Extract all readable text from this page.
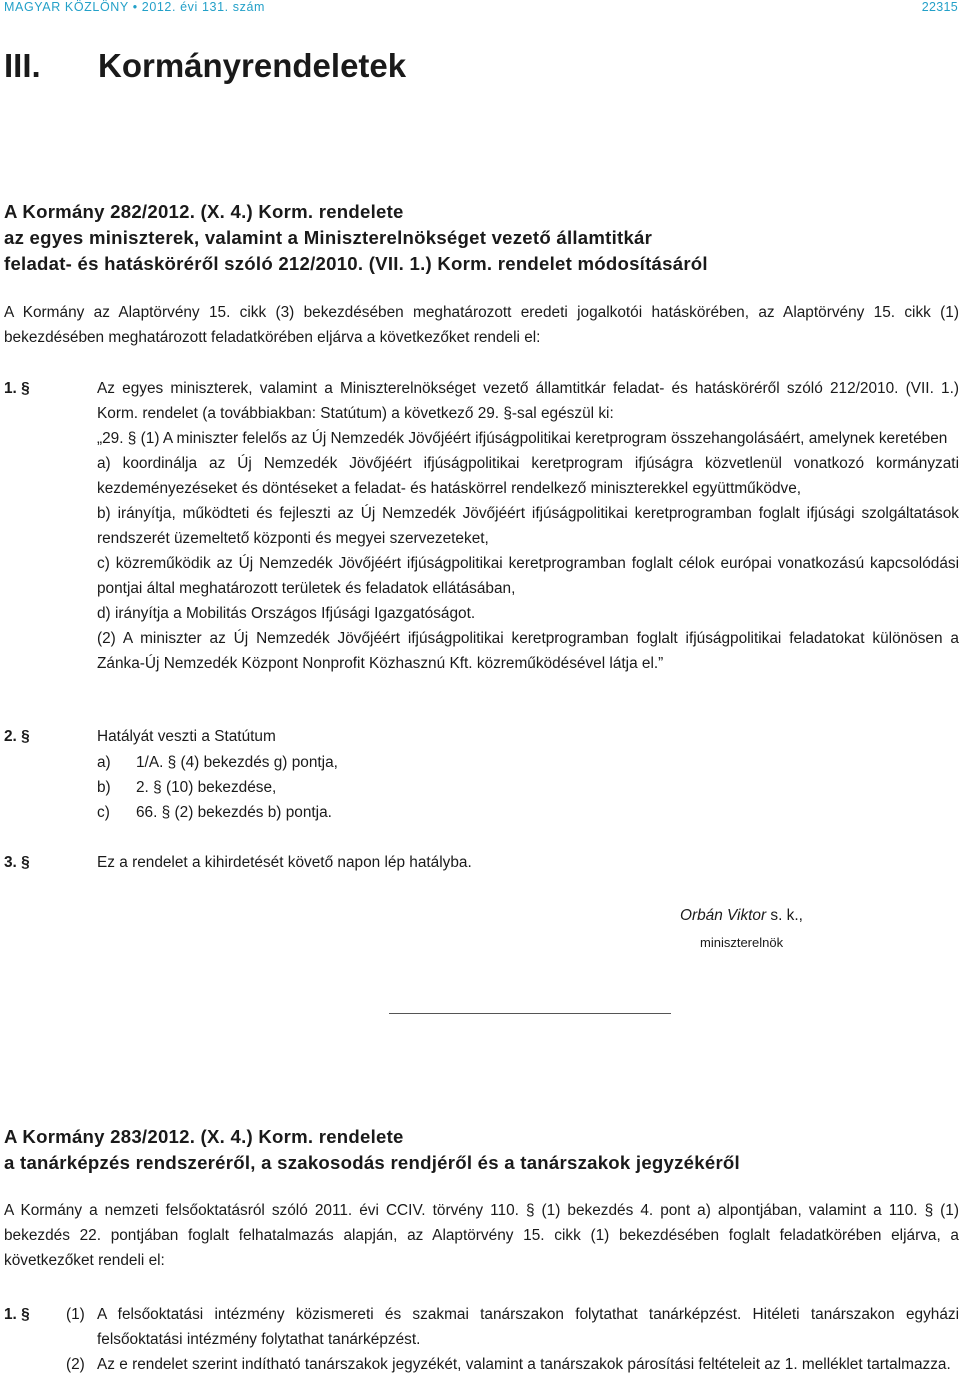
MAGYAR KÖZLÖNY • 2012. évi 131. szám	22315
III. Kormányrendeletek
A Kormány 282/2012. (X. 4.) Korm. rendelete
az egyes miniszterek, valamint a Miniszterelnökséget vezető államtitkár
feladat- és hatásköréről szóló 212/2010. (VII. 1.) Korm. rendelet módosításáról
A Kormány az Alaptörvény 15. cikk (3) bekezdésében meghatározott eredeti jogalkotói hatáskörében, az Alaptörvény 15. cikk (1) bekezdésében meghatározott feladatkörében eljárva a következőket rendeli el:
1. §	Az egyes miniszterek, valamint a Miniszterelnökséget vezető államtitkár feladat- és hatásköréről szóló 212/2010. (VII. 1.) Korm. rendelet (a továbbiakban: Statútum) a következő 29. §-sal egészül ki:
„29. § (1) A miniszter felelős az Új Nemzedék Jövőjéért ifjúságpolitikai keretprogram összehangolásáért, amelynek keretében
a) koordinálja az Új Nemzedék Jövőjéért ifjúságpolitikai keretprogram ifjúságra közvetlenül vonatkozó kormányzati kezdeményezéseket és döntéseket a feladat- és hatáskörrel rendelkező miniszterekkel együttműködve,
b) irányítja, működteti és fejleszti az Új Nemzedék Jövőjéért ifjúságpolitikai keretprogramban foglalt ifjúsági szolgáltatások rendszerét üzemeltető központi és megyei szervezeteket,
c) közreműködik az Új Nemzedék Jövőjéért ifjúságpolitikai keretprogramban foglalt célok európai vonatkozású kapcsolódási pontjai által meghatározott területek és feladatok ellátásában,
d) irányítja a Mobilitás Országos Ifjúsági Igazgatóságot.
(2) A miniszter az Új Nemzedék Jövőjéért ifjúságpolitikai keretprogramban foglalt ifjúságpolitikai feladatokat különösen a Zánka-Új Nemzedék Központ Nonprofit Közhasznú Kft. közreműködésével látja el.”
2. §	Hatályát veszti a Statútum
a) 1/A. § (4) bekezdés g) pontja,
b) 2. § (10) bekezdése,
c) 66. § (2) bekezdés b) pontja.
3. §	Ez a rendelet a kihirdetését követő napon lép hatályba.
Orbán Viktor s. k.,
miniszterelnök
A Kormány 283/2012. (X. 4.) Korm. rendelete
a tanárképzés rendszeréről, a szakosodás rendjéről és a tanárszakok jegyzékéről
A Kormány a nemzeti felsőoktatásról szóló 2011. évi CCIV. törvény 110. § (1) bekezdés 4. pont a) alpontjában, valamint a 110. § (1) bekezdés 22. pontjában foglalt felhatalmazás alapján, az Alaptörvény 15. cikk (1) bekezdésében foglalt feladatkörében eljárva, a következőket rendeli el:
1. § (1) A felsőoktatási intézmény közismereti és szakmai tanárszakon folytathat tanárképzést. Hitéleti tanárszakon egyházi felsőoktatási intézmény folytathat tanárképzést.
(2) Az e rendelet szerint indítható tanárszakok jegyzékét, valamint a tanárszakok párosítási feltételeit az 1. melléklet tartalmazza.
